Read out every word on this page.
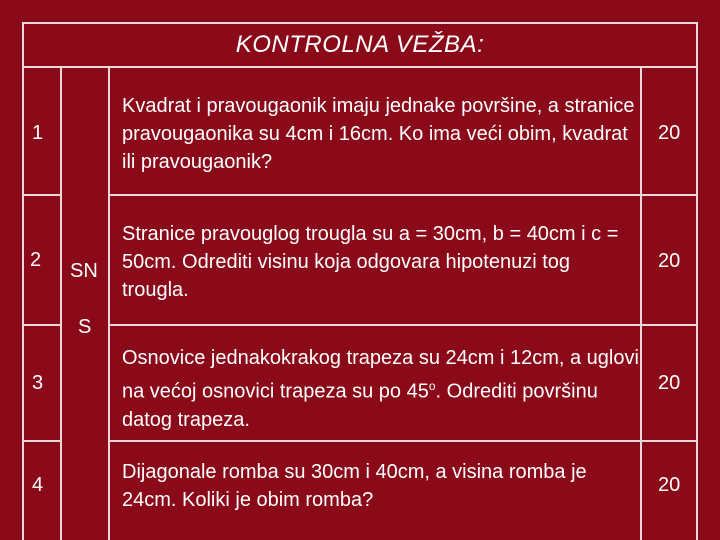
KONTROLNA VEŽBA:
1
Kvadrat i pravougaonik imaju jednake površine, a stranice pravougaonika su 4cm i 16cm. Ko ima veći obim, kvadrat ili pravougaonik?
20
2 SN
Stranice pravouglog trougla su a = 30cm, b = 40cm i c = 50cm. Odrediti visinu koja odgovara hipotenuzi tog trougla.
20
S
3
Osnovice jednakokrakog trapeza su 24cm i 12cm, a uglovi na većoj osnovici trapeza su po 45$^o$. Odrediti površinu datog trapeza.
20
4
Dijagonale romba su 30cm i 40cm, a visina romba je 24cm. Koliki je obim romba?
20
